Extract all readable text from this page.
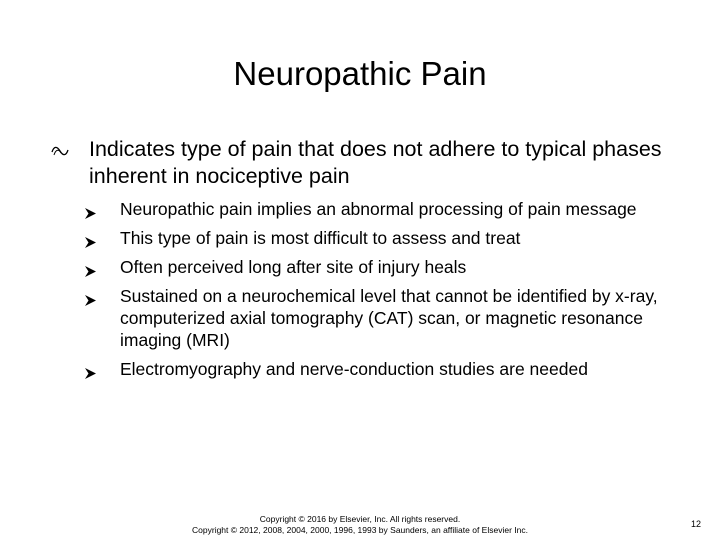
Neuropathic Pain
Indicates type of pain that does not adhere to typical phases inherent in nociceptive pain
Neuropathic pain implies an abnormal processing of pain message
This type of pain is most difficult to assess and treat
Often perceived long after site of injury heals
Sustained on a neurochemical level that cannot be identified by x-ray, computerized axial tomography (CAT) scan, or magnetic resonance imaging (MRI)
Electromyography and nerve-conduction studies are needed
Copyright © 2016 by Elsevier, Inc. All rights reserved.
Copyright © 2012, 2008, 2004, 2000, 1996, 1993 by Saunders, an affiliate of Elsevier Inc.
12
